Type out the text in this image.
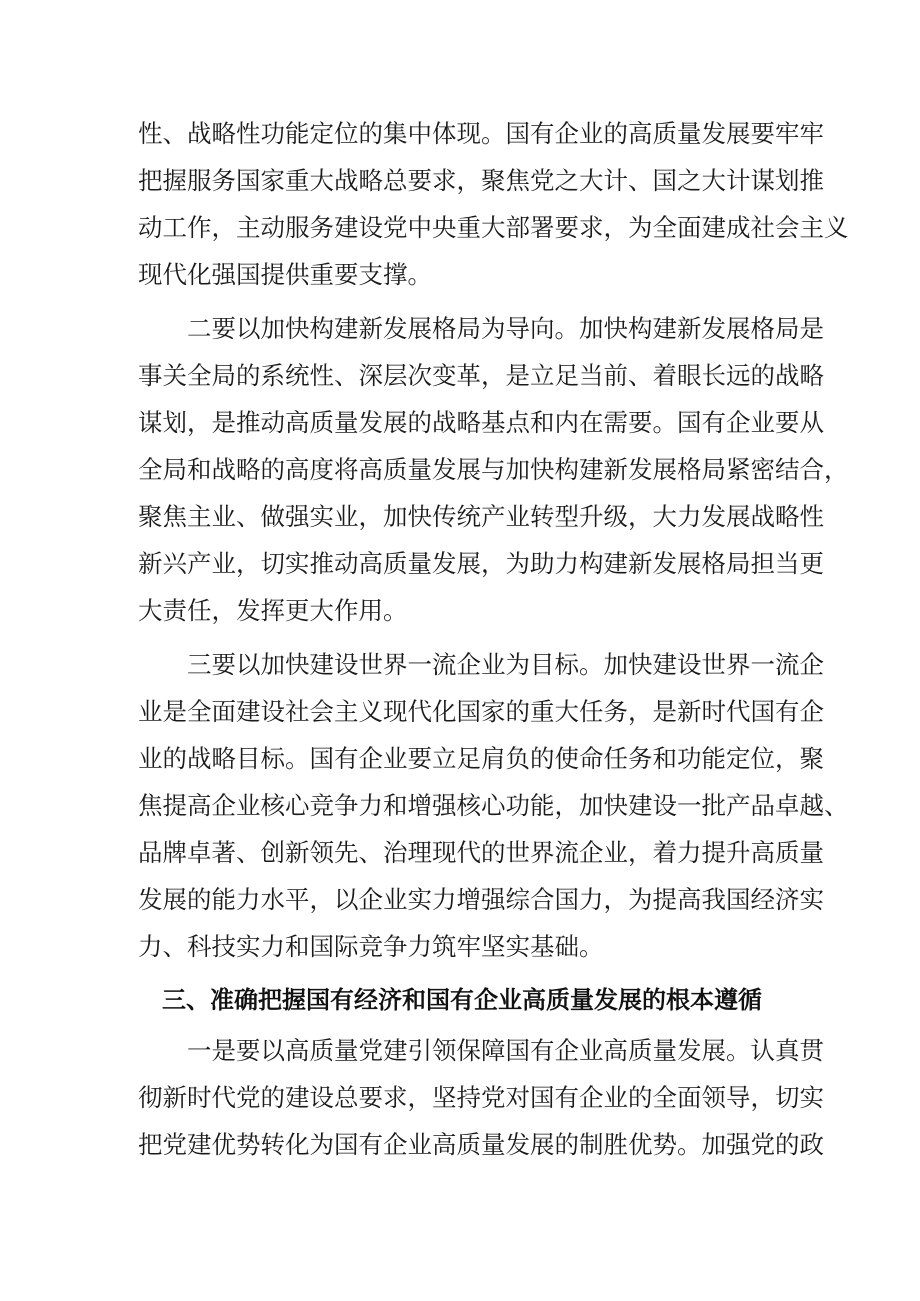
性、战略性功能定位的集中体现。国有企业的高质量发展要牢牢
把握服务国家重大战略总要求，聚焦党之大计、国之大计谋划推
动工作，主动服务建设党中央重大部署要求，为全面建成社会主义
现代化强国提供重要支撑。
　　二要以加快构建新发展格局为导向。加快构建新发展格局是
事关全局的系统性、深层次变革，是立足当前、着眼长远的战略
谋划，是推动高质量发展的战略基点和内在需要。国有企业要从
全局和战略的高度将高质量发展与加快构建新发展格局紧密结合，
聚焦主业、做强实业，加快传统产业转型升级，大力发展战略性
新兴产业，切实推动高质量发展，为助力构建新发展格局担当更
大责任，发挥更大作用。
　　三要以加快建设世界一流企业为目标。加快建设世界一流企
业是全面建设社会主义现代化国家的重大任务，是新时代国有企
业的战略目标。国有企业要立足肩负的使命任务和功能定位，聚
焦提高企业核心竞争力和增强核心功能，加快建设一批产品卓越、
品牌卓著、创新领先、治理现代的世界流企业，着力提升高质量
发展的能力水平，以企业实力增强综合国力，为提高我国经济实
力、科技实力和国际竞争力筑牢坚实基础。
　三、准确把握国有经济和国有企业高质量发展的根本遵循
　　一是要以高质量党建引领保障国有企业高质量发展。认真贯
彻新时代党的建设总要求，坚持党对国有企业的全面领导，切实
把党建优势转化为国有企业高质量发展的制胜优势。加强党的政
